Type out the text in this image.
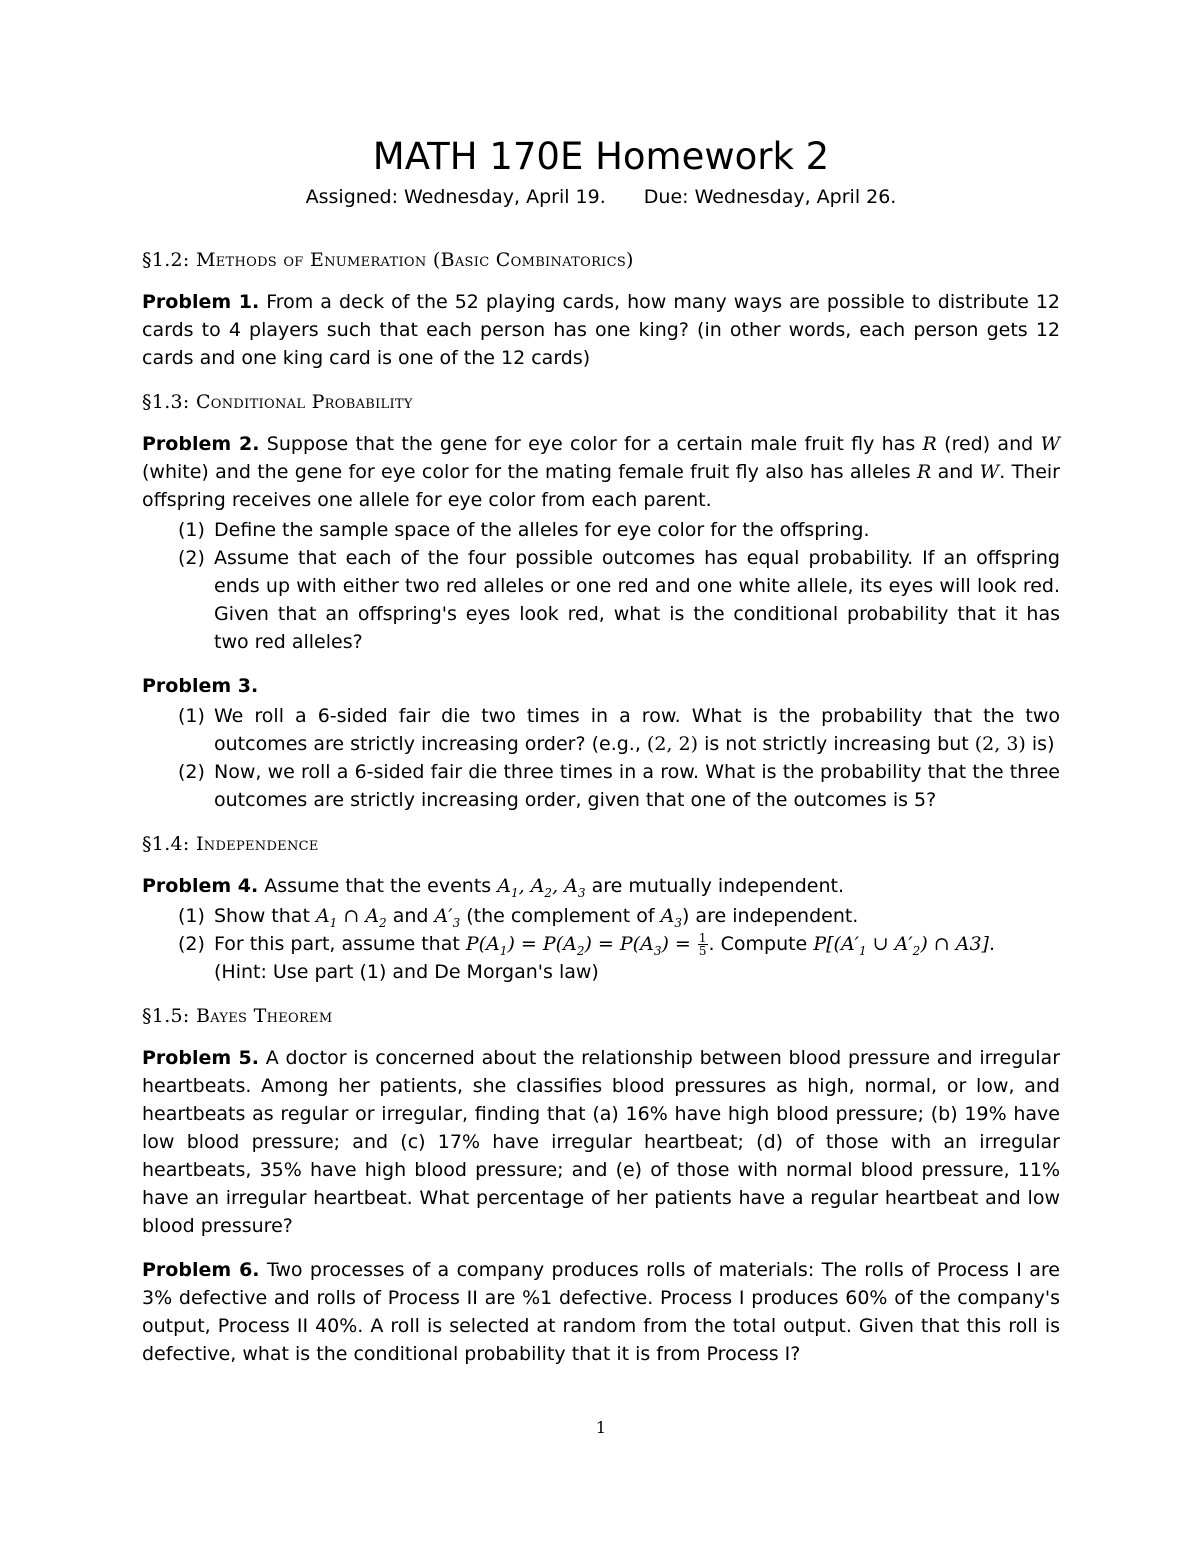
MATH 170E Homework 2
Assigned: Wednesday, April 19. Due: Wednesday, April 26.
§1.2: Methods of Enumeration (Basic Combinatorics)

Problem 1. From a deck of the 52 playing cards, how many ways are possible to distribute 12 cards to 4 players such that each person has one king? (in other words, each person gets 12 cards and one king card is one of the 12 cards)

§1.3: Conditional Probability

Problem 2. Suppose that the gene for eye color for a certain male fruit fly has R (red) and W (white) and the gene for eye color for the mating female fruit fly also has alleles R and W. Their offspring receives one allele for eye color from each parent.

(1) Define the sample space of the alleles for eye color for the offspring.
(2) Assume that each of the four possible outcomes has equal probability. If an offspring ends up with either two red alleles or one red and one white allele, its eyes will look red. Given that an offspring's eyes look red, what is the conditional probability that it has two red alleles?

Problem 3.

(1) We roll a 6-sided fair die two times in a row. What is the probability that the two outcomes are strictly increasing order? (e.g., (2, 2) is not strictly increasing but (2, 3) is)
(2) Now, we roll a 6-sided fair die three times in a row. What is the probability that the three outcomes are strictly increasing order, given that one of the outcomes is 5?
§1.4: Independence

Problem 4. Assume that the events $A_1$, $A_2$, $A_3$ are mutually independent.

(1) Show that $A_1$ ∩ $A_2$ and $A'_3$ (the complement of $A_3$) are independent.
(2) For this part, assume that $P(A_1) = P(A_2) = P(A_3) = \frac{1}{5}$ . Compute $P[(A'_1$ ∪ $A'_2$) ∩ A3].
(Hint: Use part (1) and De Morgan's law)
§1.5: Bayes Theorem

Problem 5. A doctor is concerned about the relationship between blood pressure and irregular heartbeats. Among her patients, she classifies blood pressures as high, normal, or low, and heartbeats as regular or irregular, finding that (a) 16% have high blood pressure; (b) 19% have low blood pressure; and (c) 17% have irregular heartbeat; (d) of those with an irregular heartbeats, 35% have high blood pressure; and (e) of those with normal blood pressure, 11% have an irregular heartbeat. What percentage of her patients have a regular heartbeat and low blood pressure?

Problem 6. Two processes of a company produces rolls of materials: The rolls of Process I are 3% defective and rolls of Process II are %1 defective. Process I produces 60% of the company's output, Process II 40%. A roll is selected at random from the total output. Given that this roll is defective, what is the conditional probability that it is from Process I?

1
